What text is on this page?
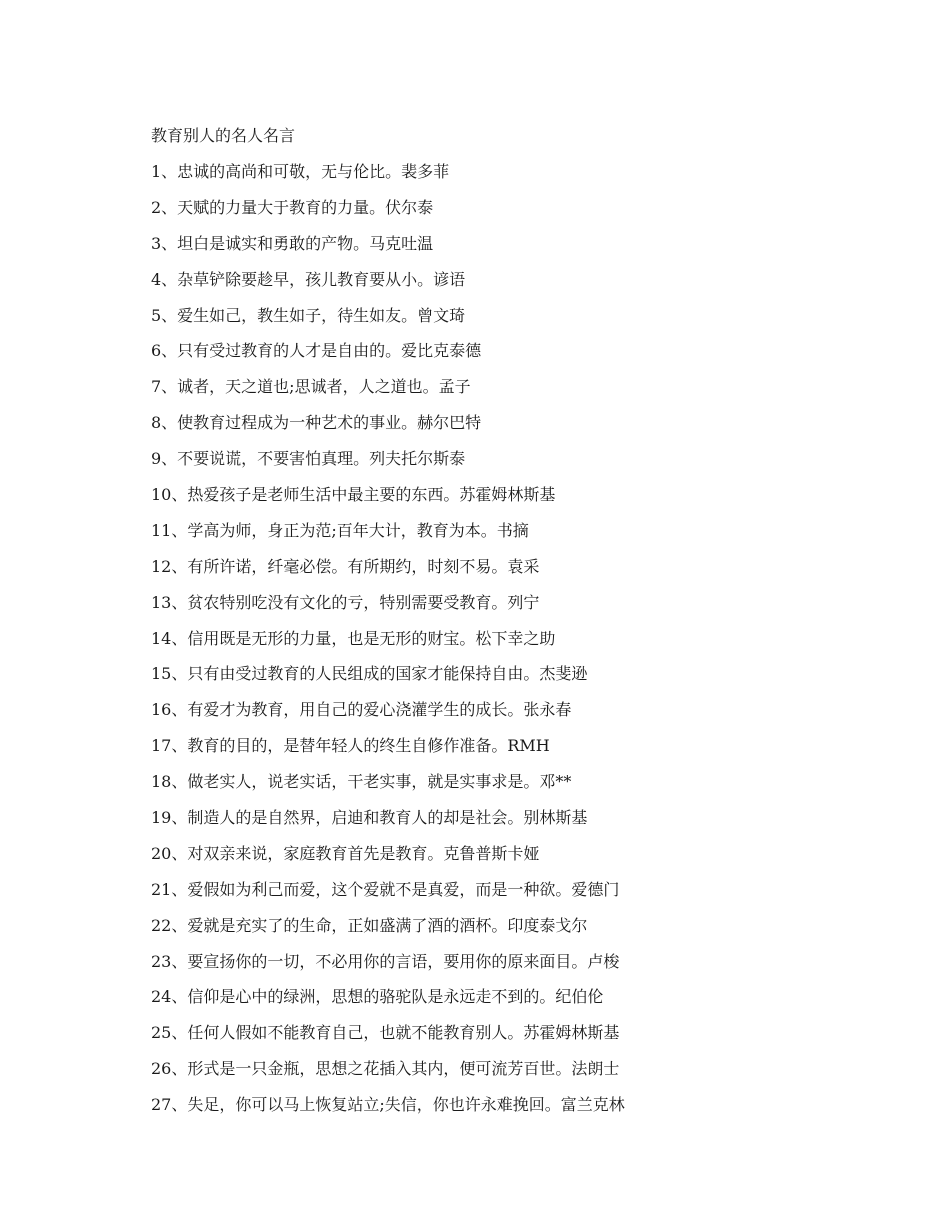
教育别人的名人名言
1、忠诚的高尚和可敬，无与伦比。裴多菲
2、天赋的力量大于教育的力量。伏尔泰
3、坦白是诚实和勇敢的产物。马克吐温
4、杂草铲除要趁早，孩儿教育要从小。谚语
5、爱生如己，教生如子，待生如友。曾文琦
6、只有受过教育的人才是自由的。爱比克泰德
7、诚者，天之道也;思诚者，人之道也。孟子
8、使教育过程成为一种艺术的事业。赫尔巴特
9、不要说谎，不要害怕真理。列夫托尔斯泰
10、热爱孩子是老师生活中最主要的东西。苏霍姆林斯基
11、学高为师，身正为范;百年大计，教育为本。书摘
12、有所许诺，纤毫必偿。有所期约，时刻不易。袁采
13、贫农特别吃没有文化的亏，特别需要受教育。列宁
14、信用既是无形的力量，也是无形的财宝。松下幸之助
15、只有由受过教育的人民组成的国家才能保持自由。杰斐逊
16、有爱才为教育，用自己的爱心浇灌学生的成长。张永春
17、教育的目的，是替年轻人的终生自修作准备。RMH
18、做老实人，说老实话，干老实事，就是实事求是。邓**
19、制造人的是自然界，启迪和教育人的却是社会。别林斯基
20、对双亲来说，家庭教育首先是教育。克鲁普斯卡娅
21、爱假如为利己而爱，这个爱就不是真爱，而是一种欲。爱德门
22、爱就是充实了的生命，正如盛满了酒的酒杯。印度泰戈尔
23、要宣扬你的一切，不必用你的言语，要用你的原来面目。卢梭
24、信仰是心中的绿洲，思想的骆驼队是永远走不到的。纪伯伦
25、任何人假如不能教育自己，也就不能教育别人。苏霍姆林斯基
26、形式是一只金瓶，思想之花插入其内，便可流芳百世。法朗士
27、失足，你可以马上恢复站立;失信，你也许永难挽回。富兰克林
